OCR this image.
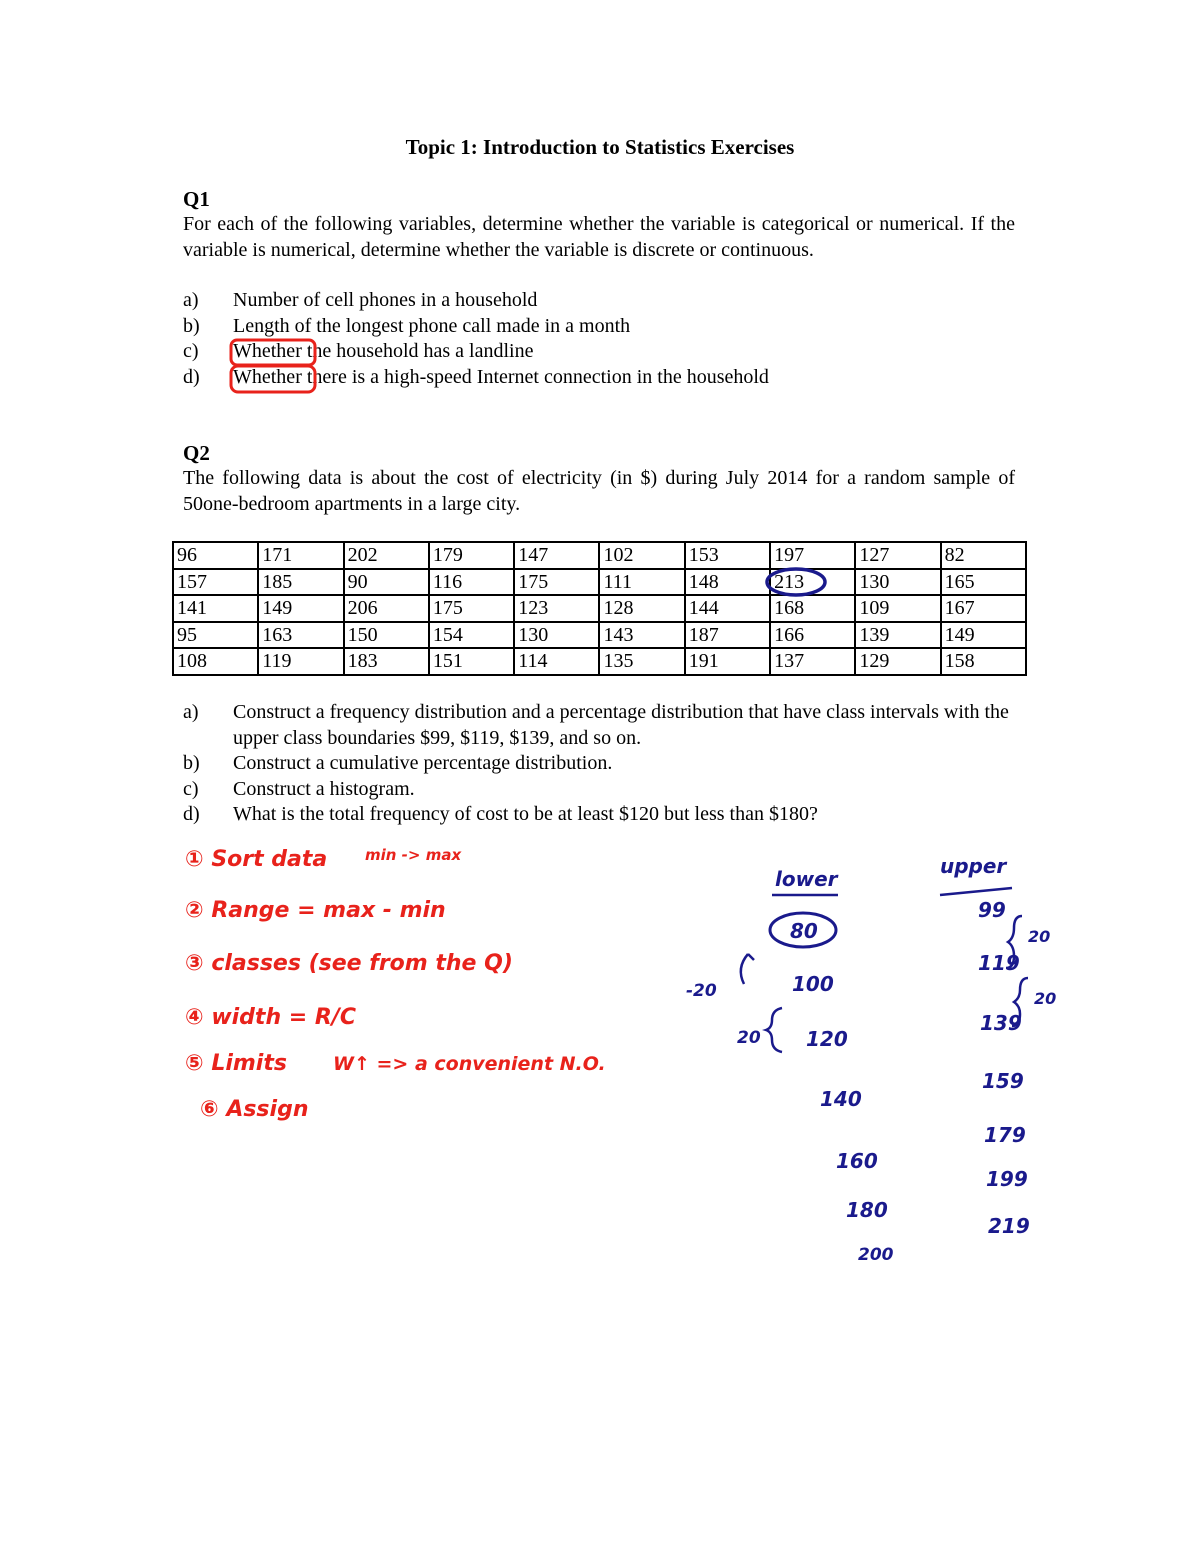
Topic 1: Introduction to Statistics Exercises
Q1
For each of the following variables, determine whether the variable is categorical or numerical. If the variable is numerical, determine whether the variable is discrete or continuous.
a) Number of cell phones in a household
b) Length of the longest phone call made in a month
c) Whether the household has a landline
d) Whether there is a high-speed Internet connection in the household
Q2
The following data is about the cost of electricity (in $) during July 2014 for a random sample of 50one-bedroom apartments in a large city.
96	171	202	179	147	102	153	197	127	82
157	185	90	116	175	111	148	213	130	165
141	149	206	175	123	128	144	168	109	167
95	163	150	154	130	143	187	166	139	149
108	119	183	151	114	135	191	137	129	158
a) Construct a frequency distribution and a percentage distribution that have class intervals with the upper class boundaries $99, $119, $139, and so on.
b) Construct a cumulative percentage distribution.
c) Construct a histogram.
d) What is the total frequency of cost to be at least $120 but less than $180?
① Sort data	min -> max
② Range = max - min
③ classes (see from the Q)
④ width = R/C
⑤ Limits W↑ => a convenient N.O.
⑥ Assign
lower
80
100
120
140
160
180
200
-20
20
upper
99
119
139
159
179
199
219
20
20
